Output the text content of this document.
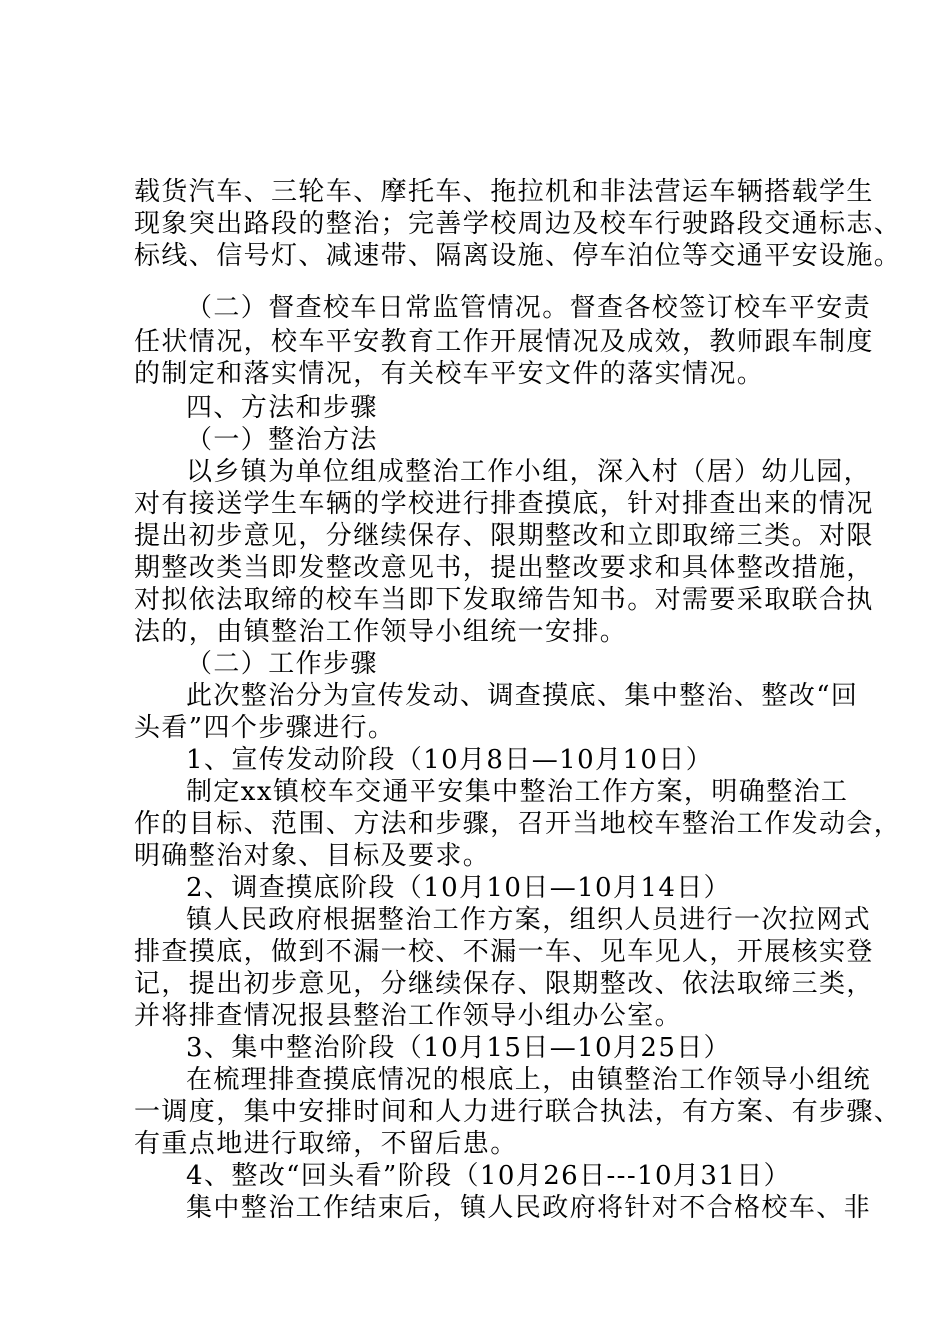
载货汽车、三轮车、摩托车、拖拉机和非法营运车辆搭载学生
现象突出路段的整治；完善学校周边及校车行驶路段交通标志、
标线、信号灯、减速带、隔离设施、停车泊位等交通平安设施。
（二）督查校车日常监管情况。督查各校签订校车平安责
任状情况，校车平安教育工作开展情况及成效，教师跟车制度
的制定和落实情况，有关校车平安文件的落实情况。
四、方法和步骤
（一）整治方法
以乡镇为单位组成整治工作小组，深入村（居）幼儿园，
对有接送学生车辆的学校进行排查摸底，针对排查出来的情况
提出初步意见，分继续保存、限期整改和立即取缔三类。对限
期整改类当即发整改意见书，提出整改要求和具体整改措施，
对拟依法取缔的校车当即下发取缔告知书。对需要采取联合执
法的，由镇整治工作领导小组统一安排。
（二）工作步骤
此次整治分为宣传发动、调查摸底、集中整治、整改“回
头看”四个步骤进行。
1、宣传发动阶段（10月8日—10月10日）
制定xx镇校车交通平安集中整治工作方案，明确整治工
作的目标、范围、方法和步骤，召开当地校车整治工作发动会，
明确整治对象、目标及要求。
2、调查摸底阶段（10月10日—10月14日）
镇人民政府根据整治工作方案，组织人员进行一次拉网式
排查摸底，做到不漏一校、不漏一车、见车见人，开展核实登
记，提出初步意见，分继续保存、限期整改、依法取缔三类，
并将排查情况报县整治工作领导小组办公室。
3、集中整治阶段（10月15日—10月25日）
在梳理排查摸底情况的根底上，由镇整治工作领导小组统
一调度，集中安排时间和人力进行联合执法，有方案、有步骤、
有重点地进行取缔，不留后患。
4、整改“回头看”阶段（10月26日---10月31日）
集中整治工作结束后，镇人民政府将针对不合格校车、非
